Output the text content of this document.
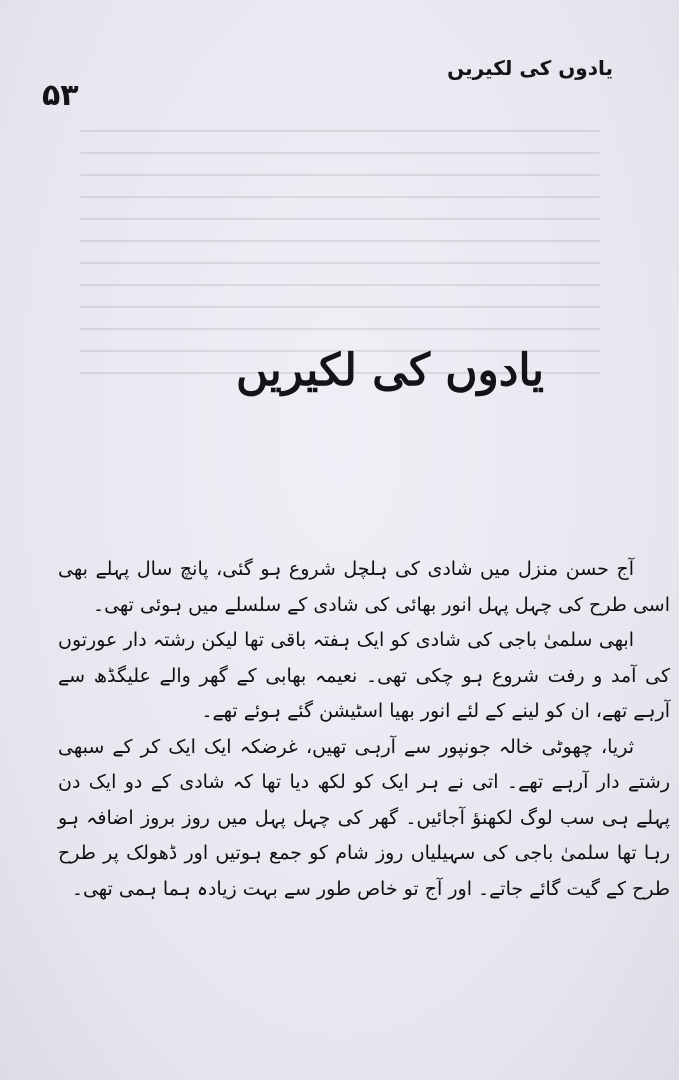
۵۳
یادوں کی لکیریں
یادوں کی لکیریں

آج حسن منزل میں شادی کی ہلچل شروع ہو گئی، پانچ سال پہلے بھی اسی طرح کی چہل پہل انور بھائی کی شادی کے سلسلے میں ہوئی تھی۔

ابھی سلمیٰ باجی کی شادی کو ایک ہفتہ باقی تھا لیکن رشتہ دار عورتوں کی آمد و رفت شروع ہو چکی تھی۔ نعیمہ بھابی کے گھر والے علیگڈھ سے آرہے تھے، ان کو لینے کے لئے انور بھیا اسٹیشن گئے ہوئے تھے۔

ثریا، چھوٹی خالہ جونپور سے آرہی تھیں، غرضکہ ایک ایک کر کے سبھی رشتے دار آرہے تھے۔ اتی نے ہر ایک کو لکھ دیا تھا کہ شادی کے دو ایک دن پہلے ہی سب لوگ لکھنؤ آجائیں۔ گھر کی چہل پہل میں روز بروز اضافہ ہو رہا تھا سلمیٰ باجی کی سہیلیاں روز شام کو جمع ہوتیں اور ڈھولک پر طرح طرح کے گیت گائے جاتے۔ اور آج تو خاص طور سے بہت زیادہ ہما ہمی تھی۔
